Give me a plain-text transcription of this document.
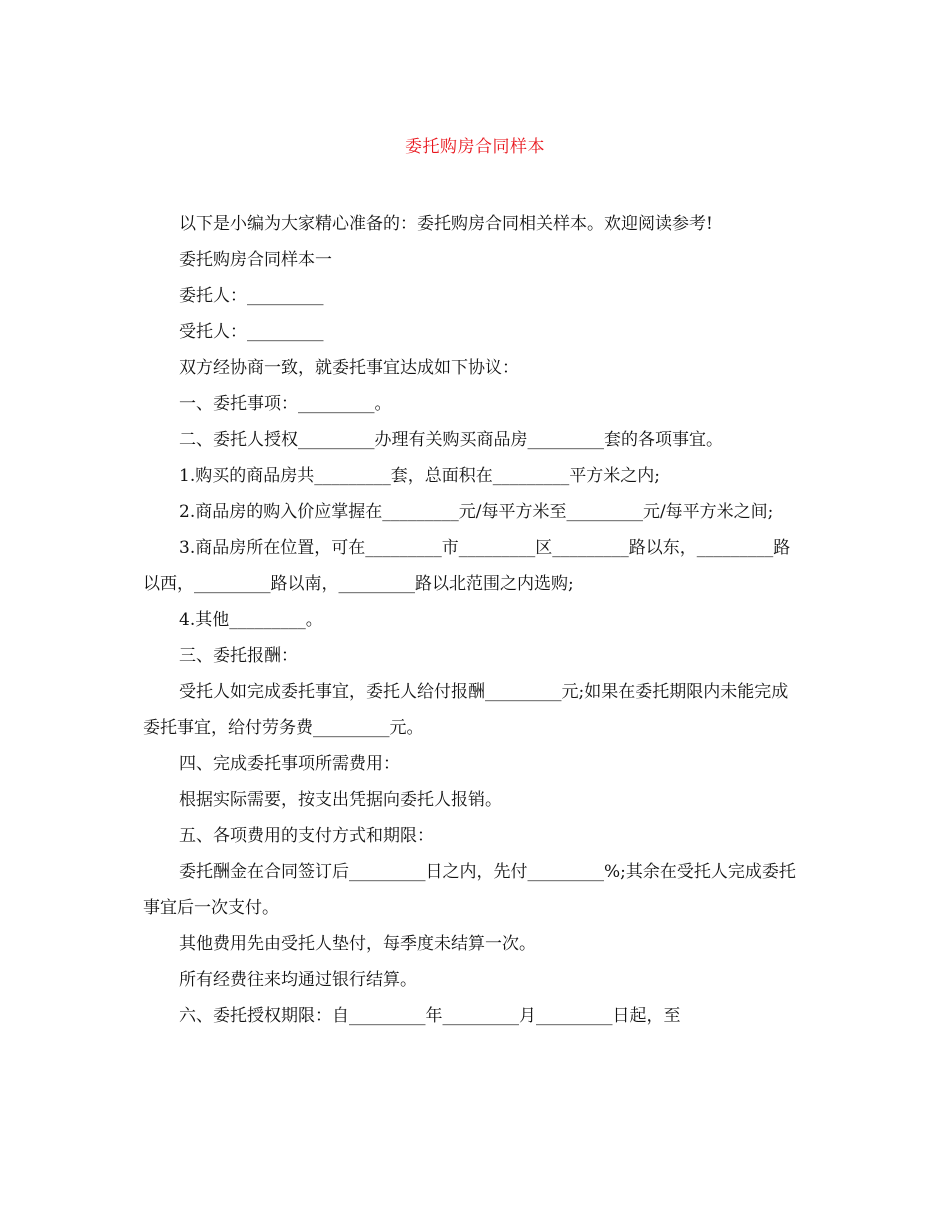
委托购房合同样本

以下是小编为大家精心准备的：委托购房合同相关样本。欢迎阅读参考!

委托购房合同样本一

委托人：_________

受托人：_________

双方经协商一致，就委托事宜达成如下协议：

一、委托事项：_________。

二、委托人授权_________办理有关购买商品房_________套的各项事宜。

1.购买的商品房共_________套，总面积在_________平方米之内;

2.商品房的购入价应掌握在_________元/每平方米至_________元/每平方米之间;

3.商品房所在位置，可在_________市_________区_________路以东，_________路以西，_________路以南，_________路以北范围之内选购;

4.其他_________。

三、委托报酬：

受托人如完成委托事宜，委托人给付报酬_________元;如果在委托期限内未能完成委托事宜，给付劳务费_________元。

四、完成委托事项所需费用：

根据实际需要，按支出凭据向委托人报销。

五、各项费用的支付方式和期限：

委托酬金在合同签订后_________日之内，先付_________%;其余在受托人完成委托事宜后一次支付。

其他费用先由受托人垫付，每季度未结算一次。

所有经费往来均通过银行结算。

六、委托授权期限：自_________年_________月_________日起，至
